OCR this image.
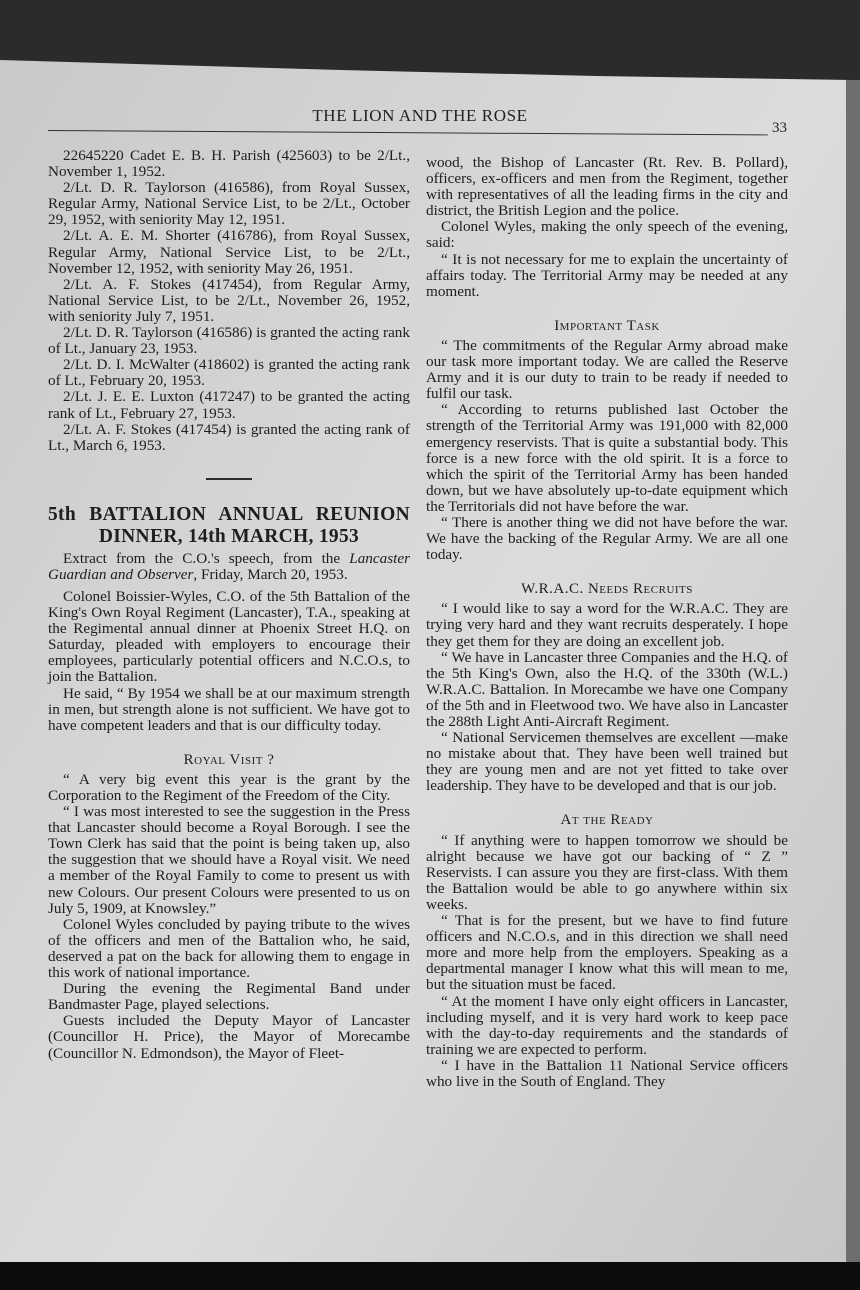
THE LION AND THE ROSE
33

22645220 Cadet E. B. H. Parish (425603) to be 2/Lt., November 1, 1952.

2/Lt. D. R. Taylorson (416586), from Royal Sussex, Regular Army, National Service List, to be 2/Lt., October 29, 1952, with seniority May 12, 1951.

2/Lt. A. E. M. Shorter (416786), from Royal Sussex, Regular Army, National Service List, to be 2/Lt., November 12, 1952, with seniority May 26, 1951.

2/Lt. A. F. Stokes (417454), from Regular Army, National Service List, to be 2/Lt., November 26, 1952, with seniority July 7, 1951.

2/Lt. D. R. Taylorson (416586) is granted the acting rank of Lt., January 23, 1953.

2/Lt. D. I. McWalter (418602) is granted the acting rank of Lt., February 20, 1953.

2/Lt. J. E. E. Luxton (417247) to be granted the acting rank of Lt., February 27, 1953.

2/Lt. A. F. Stokes (417454) is granted the acting rank of Lt., March 6, 1953.

5th BATTALION ANNUAL REUNION
DINNER, 14th MARCH, 1953

Extract from the C.O.'s speech, from the Lancaster Guardian and Observer, Friday, March 20, 1953.

Colonel Boissier-Wyles, C.O. of the 5th Battalion of the King's Own Royal Regiment (Lancaster), T.A., speaking at the Regimental annual dinner at Phoenix Street H.Q. on Saturday, pleaded with employers to encourage their employees, particularly potential officers and N.C.O.s, to join the Battalion.

He said, “ By 1954 we shall be at our maximum strength in men, but strength alone is not sufficient. We have got to have competent leaders and that is our difficulty today.

Royal Visit ?

“ A very big event this year is the grant by the Corporation to the Regiment of the Freedom of the City.

“ I was most interested to see the suggestion in the Press that Lancaster should become a Royal Borough. I see the Town Clerk has said that the point is being taken up, also the suggestion that we should have a Royal visit. We need a member of the Royal Family to come to present us with new Colours. Our present Colours were presented to us on July 5, 1909, at Knowsley.”

Colonel Wyles concluded by paying tribute to the wives of the officers and men of the Battalion who, he said, deserved a pat on the back for allowing them to engage in this work of national importance.

During the evening the Regimental Band under Bandmaster Page, played selections.

Guests included the Deputy Mayor of Lancaster (Councillor H. Price), the Mayor of Morecambe (Councillor N. Edmondson), the Mayor of Fleet-

wood, the Bishop of Lancaster (Rt. Rev. B. Pollard), officers, ex-officers and men from the Regiment, together with representatives of all the leading firms in the city and district, the British Legion and the police.

Colonel Wyles, making the only speech of the evening, said:

“ It is not necessary for me to explain the uncertainty of affairs today. The Territorial Army may be needed at any moment.

Important Task

“ The commitments of the Regular Army abroad make our task more important today. We are called the Reserve Army and it is our duty to train to be ready if needed to fulfil our task.

“ According to returns published last October the strength of the Territorial Army was 191,000 with 82,000 emergency reservists. That is quite a substantial body. This force is a new force with the old spirit. It is a force to which the spirit of the Territorial Army has been handed down, but we have absolutely up-to-date equipment which the Territorials did not have before the war.

“ There is another thing we did not have before the war. We have the backing of the Regular Army. We are all one today.

W.R.A.C. Needs Recruits

“ I would like to say a word for the W.R.A.C. They are trying very hard and they want recruits desperately. I hope they get them for they are doing an excellent job.

“ We have in Lancaster three Companies and the H.Q. of the 5th King's Own, also the H.Q. of the 330th (W.L.) W.R.A.C. Battalion. In Morecambe we have one Company of the 5th and in Fleetwood two. We have also in Lancaster the 288th Light Anti-Aircraft Regiment.

“ National Servicemen themselves are excellent —make no mistake about that. They have been well trained but they are young men and are not yet fitted to take over leadership. They have to be developed and that is our job.

At the Ready

“ If anything were to happen tomorrow we should be alright because we have got our backing of “ Z ” Reservists. I can assure you they are first-class. With them the Battalion would be able to go anywhere within six weeks.

“ That is for the present, but we have to find future officers and N.C.O.s, and in this direction we shall need more and more help from the employers. Speaking as a departmental manager I know what this will mean to me, but the situation must be faced.

“ At the moment I have only eight officers in Lancaster, including myself, and it is very hard work to keep pace with the day-to-day requirements and the standards of training we are expected to perform.

“ I have in the Battalion 11 National Service officers who live in the South of England. They
